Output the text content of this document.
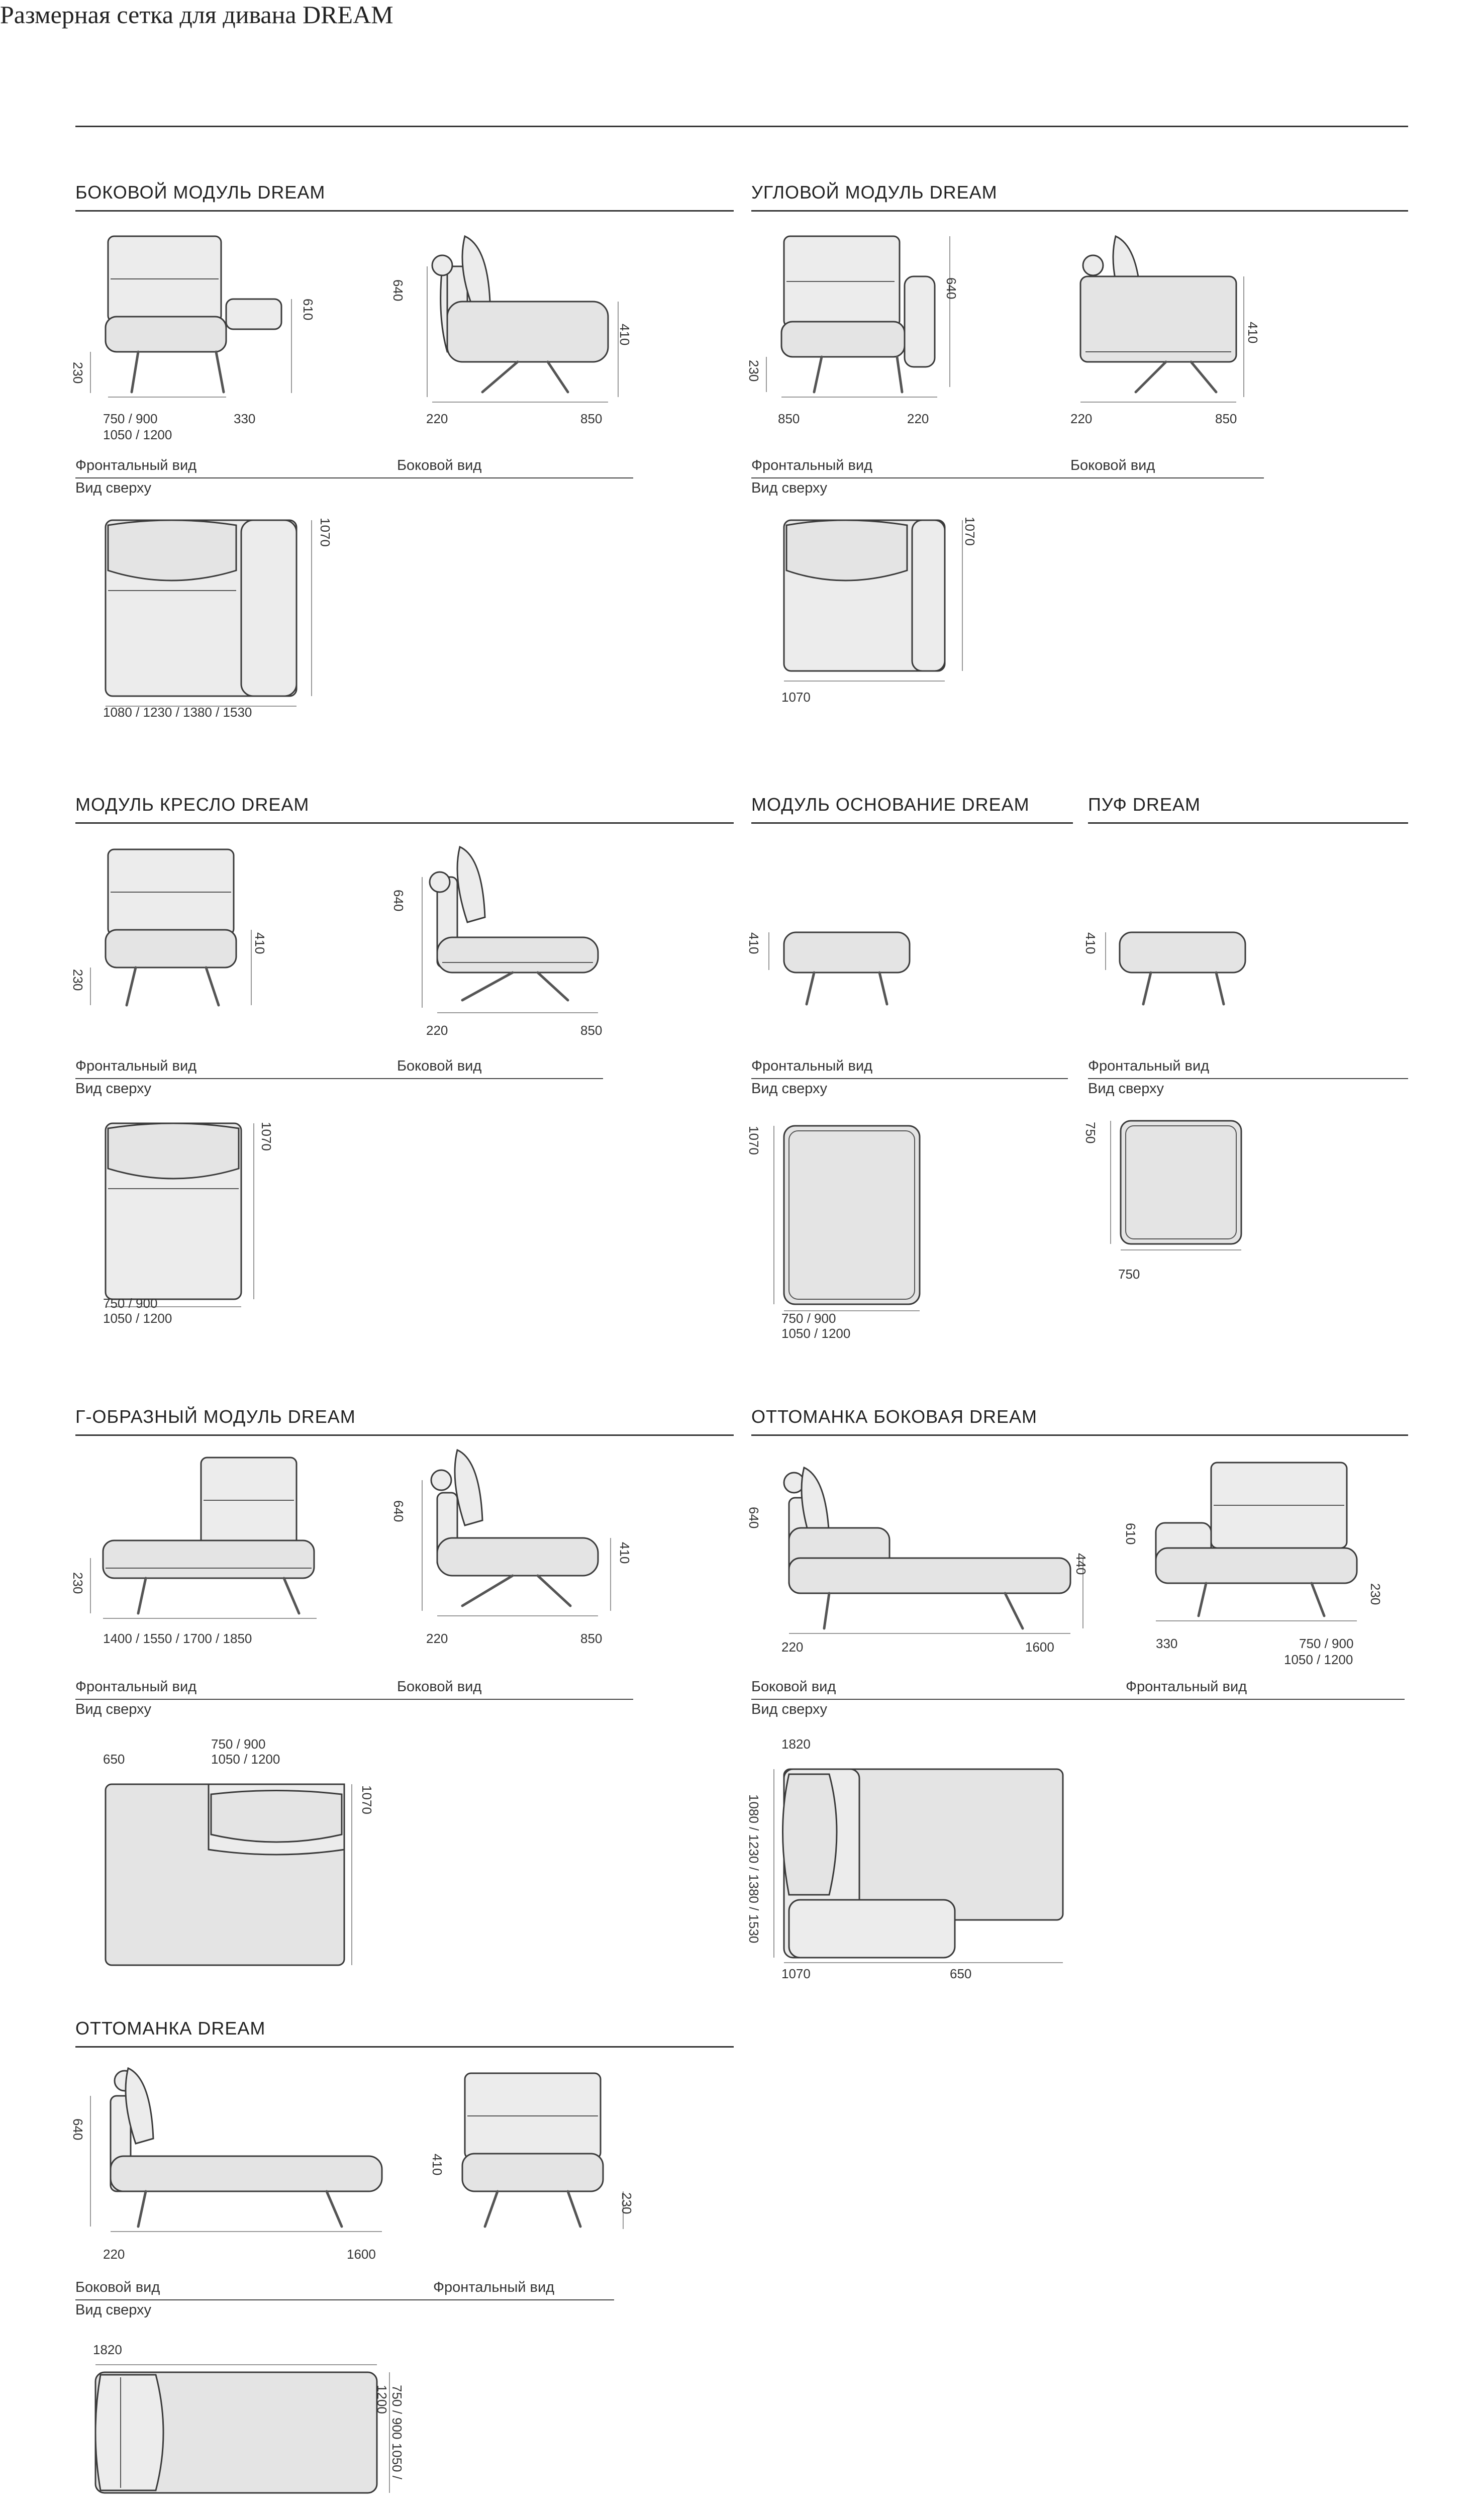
Размерная сетка для дивана DREAM
БОКОВОЙ МОДУЛЬ DREAM
230
610
750 / 900
1050 / 1200
330
640
410
220	850
Фронтальный вид	Боковой вид
Вид сверху
1070
1080 / 1230 / 1380 / 1530
УГЛОВОЙ МОДУЛЬ DREAM
230
640
850	220
410
220	850
Фронтальный вид	Боковой вид
Вид сверху
1070
1070
МОДУЛЬ КРЕСЛО DREAM
230
410
640
220	850
Фронтальный вид	Боковой вид
Вид сверху
1070
750 / 900
1050 / 1200
МОДУЛЬ ОСНОВАНИЕ DREAM
410
Фронтальный вид
Вид сверху
1070
750 / 900
1050 / 1200
ПУФ DREAM
410
Фронтальный вид
Вид сверху
750
750
Г-ОБРАЗНЫЙ МОДУЛЬ DREAM
230
1400 / 1550 / 1700 / 1850
640
410
220	850
Фронтальный вид	Боковой вид
Вид сверху
650
750 / 900
1050 / 1200
1070
ОТТОМАНКА БОКОВАЯ DREAM
640
440
220	1600
610
230
330	750 / 900
1050 / 1200
Боковой вид	Фронтальный вид
Вид сверху
1820
1080 / 1230 / 1380 / 1530
1070	650
ОТТОМАНКА DREAM
640
220	1600
410
230
Боковой вид	Фронтальный вид
Вид сверху
1820
750 / 900 1050 / 1200
